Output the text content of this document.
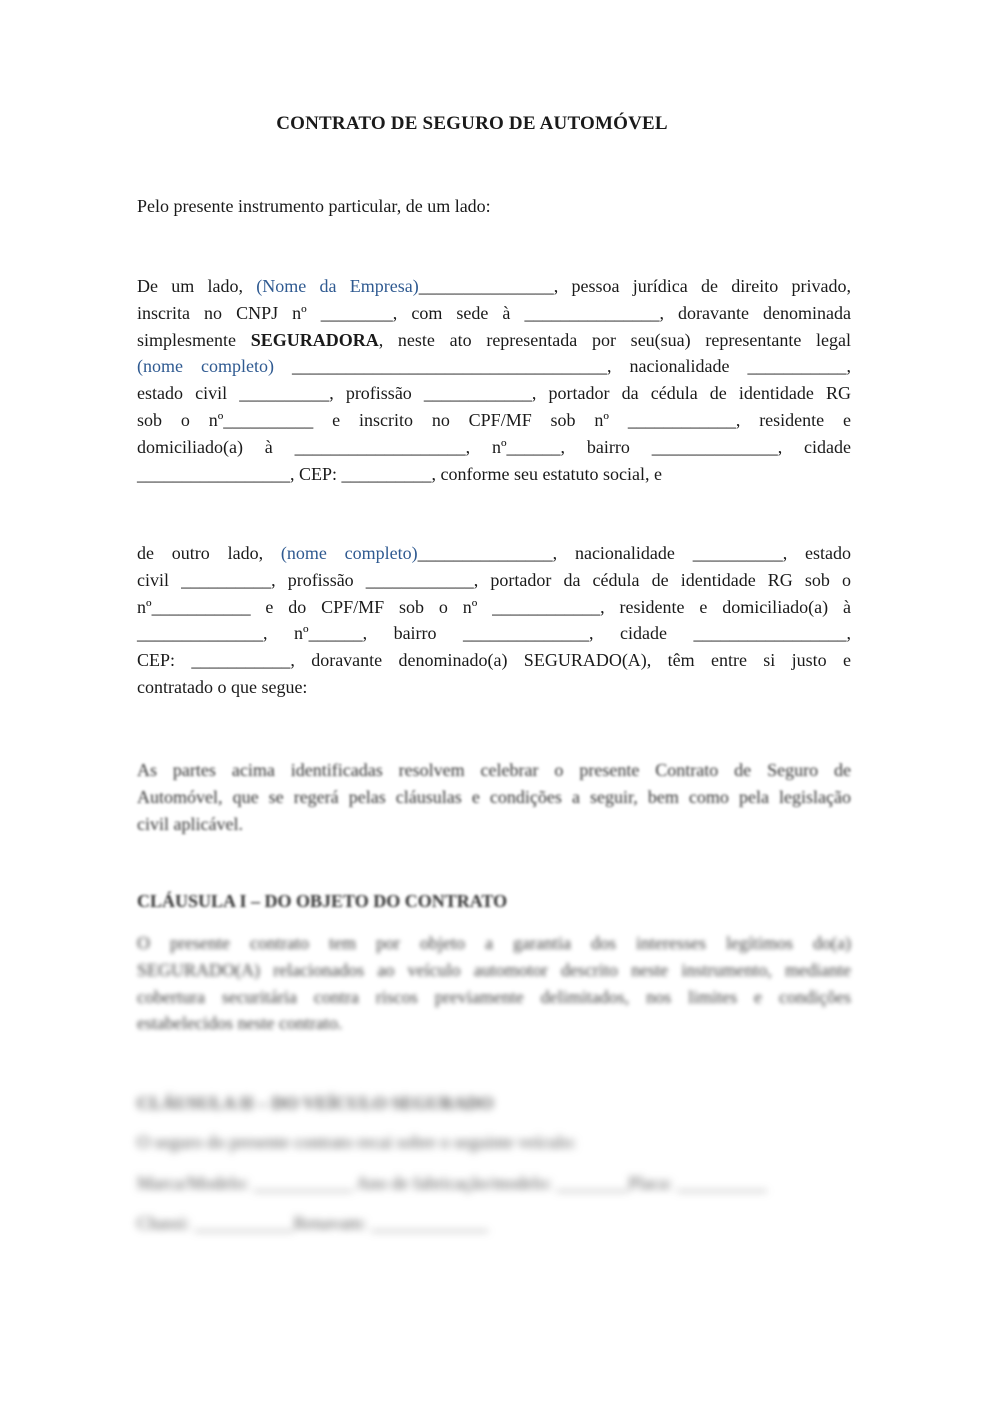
CONTRATO DE SEGURO DE AUTOMÓVEL
Pelo presente instrumento particular, de um lado:
De um lado, (Nome da Empresa)_______________, pessoa jurídica de direito privado,
inscrita no CNPJ nº ________, com sede à _______________, doravante denominada
simplesmente SEGURADORA, neste ato representada por seu(sua) representante legal
(nome completo) ___________________________________, nacionalidade ___________,
estado civil __________, profissão ____________, portador da cédula de identidade RG
sob o nº__________ e inscrito no CPF/MF sob nº ____________, residente e
domiciliado(a) à ___________________, nº______, bairro ______________, cidade
_________________, CEP: __________, conforme seu estatuto social, e
de outro lado, (nome completo)_______________, nacionalidade __________, estado
civil __________, profissão ____________, portador da cédula de identidade RG sob o
nº___________ e do CPF/MF sob o nº ____________, residente e domiciliado(a) à
______________, nº______, bairro ______________, cidade _________________,
CEP: ___________, doravante denominado(a) SEGURADO(A), têm entre si justo e
contratado o que segue:
As partes acima identificadas resolvem celebrar o presente Contrato de Seguro de
Automóvel, que se regerá pelas cláusulas e condições a seguir, bem como pela legislação
civil aplicável.
CLÁUSULA I – DO OBJETO DO CONTRATO
O presente contrato tem por objeto a garantia dos interesses legítimos do(a)
SEGURADO(A) relacionados ao veículo automotor descrito neste instrumento, mediante
cobertura securitária contra riscos previamente delimitados, nos limites e condições
estabelecidos neste contrato.
CLÁUSULA II – DO VEÍCULO SEGURADO
O seguro do presente contrato recai sobre o seguinte veículo:
Marca/Modelo: ___________ Ano de fabricação/modelo: ________Placa: __________
Chassi: ___________Renavam: _____________
